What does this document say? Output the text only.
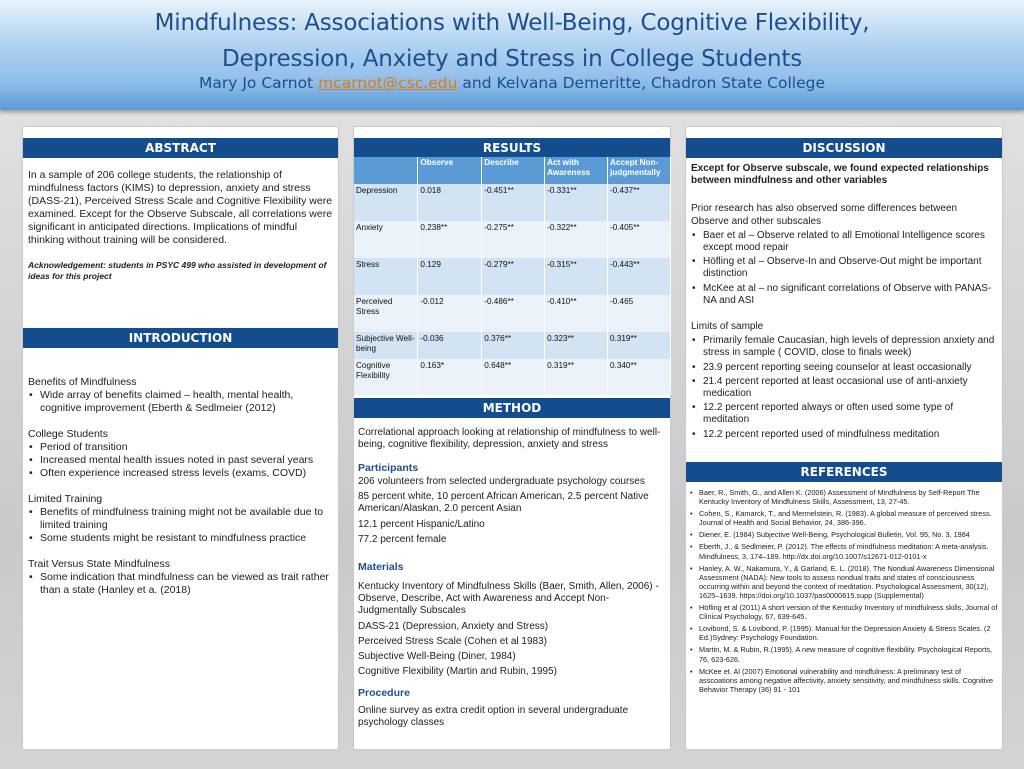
Mindfulness: Associations with Well-Being, Cognitive Flexibility,
Depression, Anxiety and Stress in College Students
Mary Jo Carnot mcarnot@csc.edu and Kelvana Demeritte, Chadron State College
ABSTRACT

In a sample of 206 college students, the relationship of mindfulness factors (KIMS) to depression, anxiety and stress (DASS-21), Perceived Stress Scale and Cognitive Flexibility were examined. Except for the Observe Subscale, all correlations were significant in anticipated directions. Implications of mindful thinking without training will be considered.

Acknowledgement: students in PSYC 499 who assisted in development of ideas for this project

INTRODUCTION

Benefits of Mindfulness

• Wide array of benefits claimed – health, mental health, cognitive improvement (Eberth & Sedlmeier (2012)

College Students

• Period of transition
• Increased mental health issues noted in past several years
• Often experience increased stress levels (exams, COVD)

Limited Training

• Benefits of mindfulness training might not be available due to limited training
• Some students might be resistant to mindfulness practice

Trait Versus State Mindfulness

• Some indication that mindfulness can be viewed as trait rather than a state (Hanley et a. (2018)
RESULTS
	Observe	Describe	Act with Awareness	Accept Non-judgmentally
Depression	0.018	-0.451**	-0.331**	-0.437**
Anxiety	0.238**	-0.275**	-0.322**	-0.405**
Stress	0.129	-0.279**	-0.315**	-0.443**
Perceived Stress	-0.012	-0.486**	-0.410**	-0.465
Subjective Well-being	-0.036	0.376**	0.323**	0.319**
Cognitive Flexibility	0.163*	0.648**	0.319**	0.340**
METHOD

Correlational approach looking at relationship of mindfulness to well-being, cognitive flexibility, depression, anxiety and stress

Participants

206 volunteers from selected undergraduate psychology courses

85 percent white, 10 percent African American, 2.5 percent Native American/Alaskan, 2.0 percent Asian

12.1 percent Hispanic/Latino

77.2 percent female

Materials

Kentucky Inventory of Mindfulness Skills (Baer, Smith, Allen, 2006) - Observe, Describe, Act with Awareness and Accept Non-Judgmentally Subscales

DASS-21 (Depression, Anxiety and Stress)

Perceived Stress Scale (Cohen et al 1983)

Subjective Well-Being (Diner, 1984)

Cognitive Flexibility (Martin and Rubin, 1995)

Procedure

Online survey as extra credit option in several undergraduate psychology classes

DISCUSSION

Except for Observe subscale, we found expected relationships between mindfulness and other variables

Prior research has also observed some differences between Observe and other subscales

• Baer et al – Observe related to all Emotional Intelligence scores except mood repair
• Höfling et al – Observe-In and Observe-Out might be important distinction
• McKee at al – no significant correlations of Observe with PANAS-NA and ASI

Limits of sample

• Primarily female Caucasian, high levels of depression anxiety and stress in sample ( COVID, close to finals week)
• 23.9 percent reporting seeing counselor at least occasionally
• 21.4 percent reported at least occasional use of anti-anxiety medication
• 12.2 percent reported always or often used some type of meditation
• 12.2 percent reported used of mindfulness meditation
REFERENCES
• Baer, R., Smith, G., and Allen K. (2006) Assessment of Mindfulness by Self-Report The Kentucky Inventory of Mindfulness Skills, Assessment, 13, 27-45.
• Cohen, S., Kamarck, T., and Mermelstein, R. (1983). A global measure of perceived stress. Journal of Health and Social Behavior, 24, 386-396.
• Diener, E. (1984) Subjective Well-Being, Psychological Bulletin, Vol. 95, No. 3, 1984
• Eberth, J., & Sedlmeier, P. (2012). The effects of mindfulness meditation: A meta-analysis. Mindfulness, 3, 174–189. http://dx.doi.org/10.1007/s12671-012-0101-x
• Hanley, A. W., Nakamura, Y., & Garland, E. L. (2018). The Nondual Awareness Dimensional Assessment (NADA): New tools to assess nondual traits and states of consciousness occurring within and beyond the context of meditation. Psychological Assessment, 30(12), 1625–1639. https://doi.org/10.1037/pas0000615.supp (Supplemental)
• Höfling et al (2011) A short version of the Kentucky Inventory of mindfulness skills, Journal of Clinical Psychology, 67, 639-645.
• Lovibond, S. & Lovibond, P. (1995). Manual for the Depression Anxiety & Stress Scales. (2 Ed.)Sydney: Psychology Foundation.
• Martin, M. & Rubin, R.(1995). A new measure of cognitive flexibility. Psychological Reports, 76, 623-626.
• McKee et. Al (2007) Emotional vulnerability and mindfulness: A preliminary test of asscoations among negative affectivity, anxiety sensitivity, and mindfulness skills. Cognitive Behavior Therapy (36) 91 - 101
